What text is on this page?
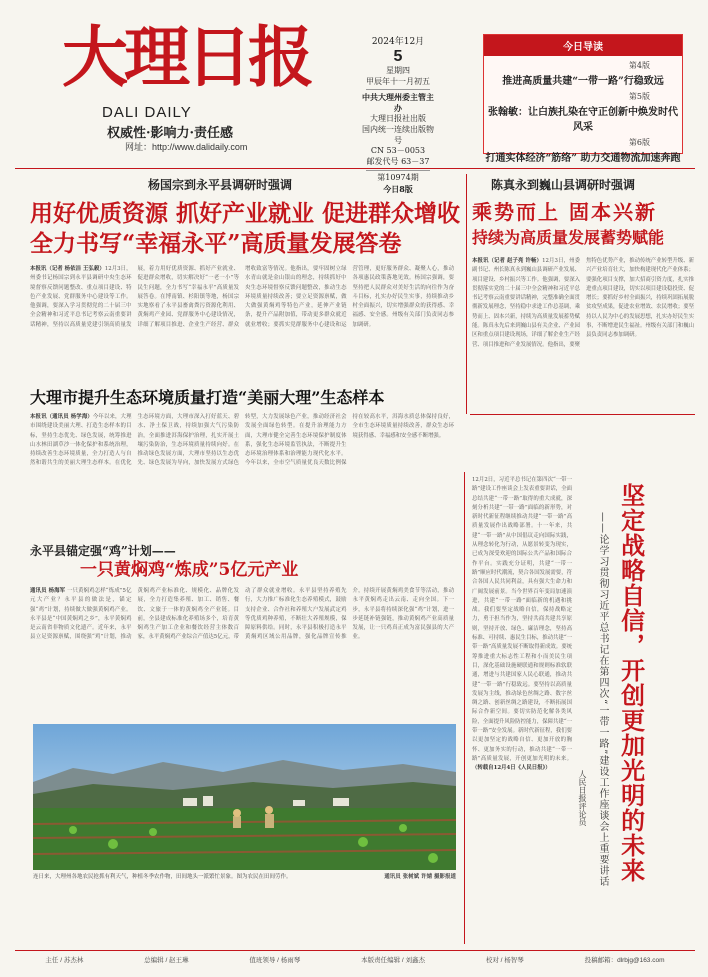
大理日报
DALI DAILY
权威性·影响力·责任感
网址：http://www.dalidaily.com
2024年12月
5
星期四
甲辰年十一月初五
中共大理州委主管主办
大理日报社出版
国内统一连续出版物号
CN 53－0053
邮发代号 63－37
第10974期
今日8版
今日导读
第4版
推进高质量共建“一带一路”行稳致远
第5版
张翰敏：让白族扎染在守正创新中焕发时代风采
第6版
打通实体经济“筋络” 助力交通物流加速奔跑
杨国宗到永平县调研时强调
用好优质资源 抓好产业就业 促进群众增收
全力书写“幸福永平”高质量发展答卷
本报讯（记者 杨依洁 王弘毅）12月3日，州委书记杨国宗到永平县调研中央生态环境督察反馈问题整改、重点项目建设、特色产业发展、党群服务中心建设等工作。他强调，要深入学习贯彻党的二十届三中全会精神和习近平总书记考察云南重要讲话精神，坚持以高质量党建引领高质量发展，着力用好优质资源、抓好产业就业、促进群众增收，切实解决好“一老一小”等民生问题，全力书写“幸福永平”高质量发展答卷。在博南镇、杉阳镇等地，杨国宗实地察看了永平县畜禽粪污资源化利用、黄焖鸡产业园、党群服务中心建设情况，详细了解项目推进、企业生产经营、群众增收致富等情况。他指出，要牢固树立绿水青山就是金山银山的理念，持续抓好中央生态环境督察反馈问题整改，推动生态环境质量持续改善；要立足资源禀赋，做大做强黄焖鸡等特色产业，延伸产业链条，提升产品附加值，带动更多群众就近就业增收；要抓实党群服务中心建设和运营管理，更好服务群众、凝聚人心，推动各项惠民政策落地见效。杨国宗强调，要坚持把人民群众对美好生活的向往作为奋斗目标，扎实办好民生实事，持续推动乡村全面振兴，切实增强群众的获得感、幸福感、安全感。州级有关部门负责同志参加调研。
陈真永到巍山县调研时强调
乘势而上 固本兴新
持续为高质量发展蓄势赋能
本报讯（记者 赵子亮 许畅）12月3日，州委副书记、州长陈真永到巍山县调研产业发展、项目建设、乡村振兴等工作。他强调，要深入贯彻落实党的二十届三中全会精神和习近平总书记考察云南重要讲话精神，完整准确全面贯彻新发展理念，坚持稳中求进工作总基调，乘势而上、固本兴新，持续为高质量发展蓄势赋能。陈真永先后来到巍山县有关企业、产业园区和重点项目建设现场，详细了解企业生产经营、项目推进和产业发展情况。他指出，要聚焦特色优势产业，推动传统产业转型升级、新兴产业培育壮大，加快构建现代化产业体系；要强化项目支撑，加大招商引资力度，扎实推进重点项目建设，切实以项目建设稳投资、促增长；要抓好乡村全面振兴，持续巩固拓展脱贫攻坚成果，促进农业增效、农民增收；要坚持以人民为中心的发展思想，扎实办好民生实事，不断增进民生福祉。州级有关部门和巍山县负责同志参加调研。
大理市提升生态环境质量打造“美丽大理”生态样本
本报讯（通讯员 杨学海）今年以来，大理市围绕建设美丽大理、打造生态样本的目标，坚持生态优先、绿色发展，统筹推进山水林田湖草沙一体化保护和系统治理，持续改善生态环境质量，全力打造人与自然和谐共生的美丽大理生态样本。在优化生态环境方面，大理市深入打好蓝天、碧水、净土保卫战，持续加强大气污染防治，全面推进洱海保护治理，扎实开展土壤污染防治，生态环境质量持续向好。在推动绿色发展方面，大理市坚持以生态优先、绿色发展为导向，加快发展方式绿色转型，大力发展绿色产业，推动经济社会发展全面绿色转型。在提升治理能力方面，大理市健全完善生态环境保护制度体系，强化生态环境监管执法，不断提升生态环境治理体系和治理能力现代化水平。今年以来，全市空气质量优良天数比例保持在较高水平，洱海水质总体保持良好，全市生态环境质量持续改善，群众生态环境获得感、幸福感和安全感不断增强。
永平县锚定强“鸡”计划——
一只黄焖鸡“炼成”5亿元产业
通讯员 杨海军 一只黄焖鸡怎样“炼成”5亿元大产业？永平县的做法是，锚定强“鸡”计划，持续做大做强黄焖鸡产业。永平县是“中国黄焖鸡之乡”，永平黄焖鸡是云南省非物质文化遗产。近年来，永平县立足资源禀赋，围绕强“鸡”计划，推动黄焖鸡产业标准化、规模化、品牌化发展，全力打造集养殖、加工、销售、餐饮、文旅于一体的黄焖鸡全产业链。目前，全县建成标准化养殖场多个，培育黄焖鸡生产加工企业和餐饮经营主体数百家，永平黄焖鸡产业综合产值达5亿元，带动了群众就业增收。永平县坚持养殖先行，大力推广标准化生态养殖模式，鼓励支持企业、合作社和养殖大户发展武定鸡等优质鸡种养殖，不断壮大养殖规模，保障原料供给。同时，永平县积极打造永平黄焖鸡区域公用品牌，强化品牌宣传推介，持续开展黄焖鸡美食节等活动，推动永平黄焖鸡走出云南、走向全国。下一步，永平县将持续深化强“鸡”计划，进一步延链补链强链，推动黄焖鸡产业高质量发展，让一只鸡真正成为富民强县的大产业。
连日来，大理州各地农民抢抓有利天气，种植冬季农作物，田间地头一派繁忙景象。图为农民在田间劳作。	通讯员 张树斌 许婧 摄影报道
12月2日，习近平总书记在第四次“一带一路”建设工作座谈会上发表重要讲话，全面总结共建“一带一路”取得的重大成就，深刻分析共建“一带一路”面临的新形势，对新时代新征程继续推动共建“一带一路”高质量发展作出战略部署。十一年来，共建“一带一路”从中国倡议走向国际实践，从理念转化为行动，从愿景转变为现实，已成为深受欢迎的国际公共产品和国际合作平台。实践充分证明，共建“一带一路”顺应时代潮流，契合各国发展需要，符合各国人民共同利益，具有强大生命力和广阔发展前景。当今世界百年变局加速演进，共建“一带一路”面临新的机遇和挑战。我们要坚定战略自信，保持战略定力，勇于担当作为，坚持共商共建共享原则，坚持开放、绿色、廉洁理念，坚持高标准、可持续、惠民生目标，推动共建“一带一路”高质量发展不断取得新成效。要统筹推进重大标志性工程和小而美民生项目，深化基础设施硬联通和规则标准软联通，增进与共建国家人民心联通，推动共建“一带一路”行稳致远。要坚持以高质量发展为主线，推动绿色丝绸之路、数字丝绸之路、创新丝绸之路建设，不断拓展国际合作新空间。要切实防范化解各类风险，全面提升风险防控能力，保障共建“一带一路”安全发展。新时代新征程，我们要以更加坚定的战略自信、更加开放的胸怀、更加务实的行动，推动共建“一带一路”高质量发展，开创更加光明的未来。 （转载自12月4日《人民日报》）	坚定战略自信，开创更加光明的未来
——论学习贯彻习近平总书记在第四次“一带一路”建设工作座谈会上重要讲话
人民日报评论员
主任 / 苏杰林	总编辑 / 赵王琳	值班领导 / 杨雨琴	本版责任编辑 / 刘鑫杰	校对 / 杨智琴	投稿邮箱：dlrbjg@163.com
